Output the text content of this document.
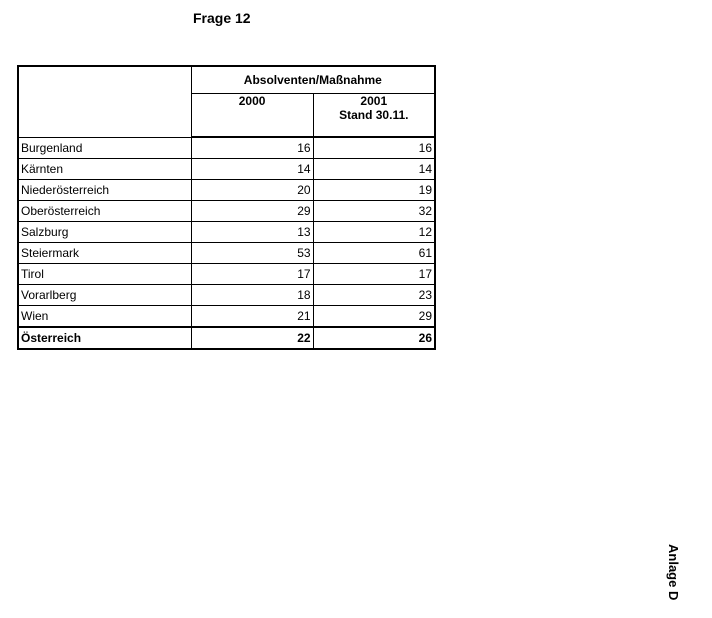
Frage 12
	Absolventen/Maßnahme	

	2000	2001
Stand 30.11.

Burgenland	16	16
Kärnten	14	14
Niederösterreich	20	19
Oberösterreich	29	32
Salzburg	13	12
Steiermark	53	61
Tirol	17	17
Vorarlberg	18	23
Wien	21	29
Österreich	22	26
Anlage D
